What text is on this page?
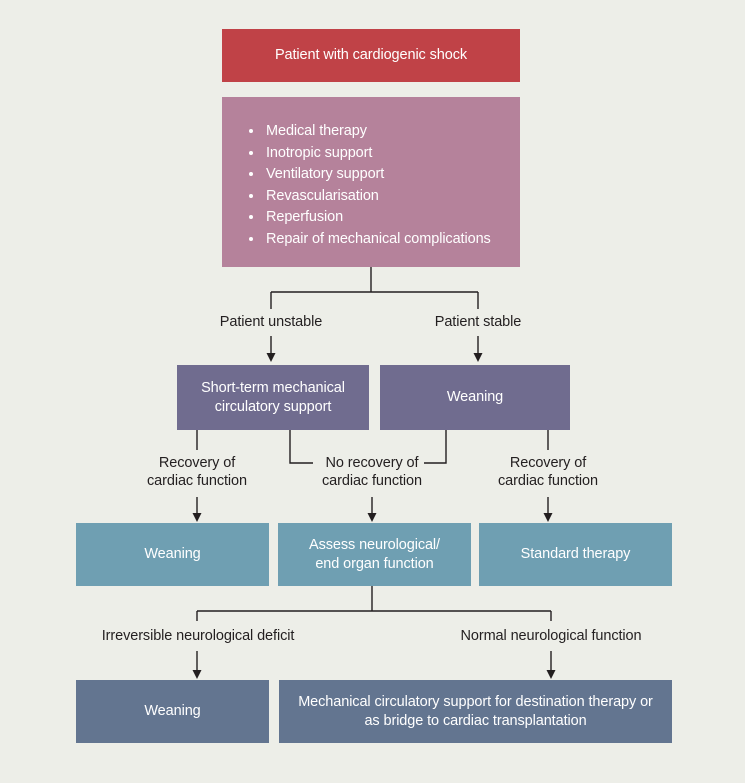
Patient with cardiogenic shock
• Medical therapy
• Inotropic support
• Ventilatory support
• Revascularisation
• Reperfusion
• Repair of mechanical complications
Patient unstable	Patient stable
Short-term mechanical circulatory support
Weaning
Recovery of cardiac function
No recovery of cardiac function
Recovery of cardiac function
Weaning
Assess neurological/ end organ function
Standard therapy
Irreversible neurological deficit	Normal neurological function
Weaning
Mechanical circulatory support for destination therapy or as bridge to cardiac transplantation
